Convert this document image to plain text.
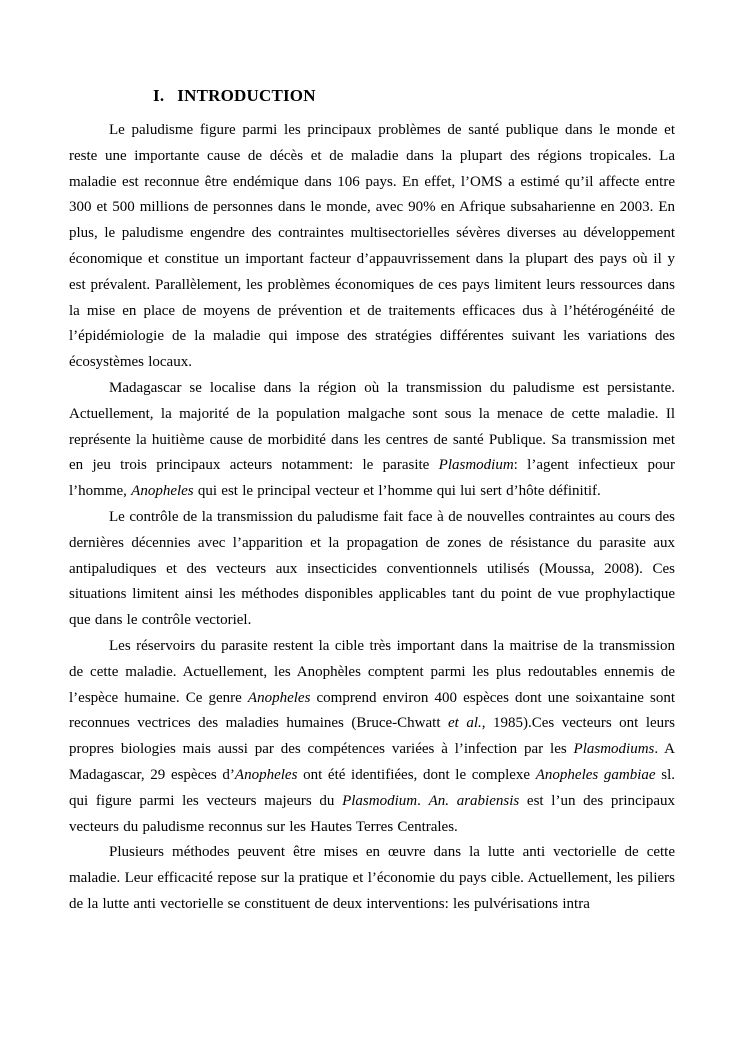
I. INTRODUCTION

Le paludisme figure parmi les principaux problèmes de santé publique dans le monde et reste une importante cause de décès et de maladie dans la plupart des régions tropicales. La maladie est reconnue être endémique dans 106 pays. En effet, l’OMS a estimé qu’il affecte entre 300 et 500 millions de personnes dans le monde, avec 90% en Afrique subsaharienne en 2003. En plus, le paludisme engendre des contraintes multisectorielles sévères diverses au développement économique et constitue un important facteur d’appauvrissement dans la plupart des pays où il y est prévalent. Parallèlement, les problèmes économiques de ces pays limitent leurs ressources dans la mise en place de moyens de prévention et de traitements efficaces dus à l’hétérogénéité de l’épidémiologie de la maladie qui impose des stratégies différentes suivant les variations des écosystèmes locaux.

Madagascar se localise dans la région où la transmission du paludisme est persistante. Actuellement, la majorité de la population malgache sont sous la menace de cette maladie. Il représente la huitième cause de morbidité dans les centres de santé Publique. Sa transmission met en jeu trois principaux acteurs notamment: le parasite Plasmodium: l’agent infectieux pour l’homme, Anopheles qui est le principal vecteur et l’homme qui lui sert d’hôte définitif.

Le contrôle de la transmission du paludisme fait face à de nouvelles contraintes au cours des dernières décennies avec l’apparition et la propagation de zones de résistance du parasite aux antipaludiques et des vecteurs aux insecticides conventionnels utilisés (Moussa, 2008). Ces situations limitent ainsi les méthodes disponibles applicables tant du point de vue prophylactique que dans le contrôle vectoriel.

Les réservoirs du parasite restent la cible très important dans la maitrise de la transmission de cette maladie. Actuellement, les Anophèles comptent parmi les plus redoutables ennemis de l’espèce humaine. Ce genre Anopheles comprend environ 400 espèces dont une soixantaine sont reconnues vectrices des maladies humaines (Bruce-Chwatt et al., 1985).Ces vecteurs ont leurs propres biologies mais aussi par des compétences variées à l’infection par les Plasmodiums. A Madagascar, 29 espèces d’Anopheles ont été identifiées, dont le complexe Anopheles gambiae sl. qui figure parmi les vecteurs majeurs du Plasmodium. An. arabiensis est l’un des principaux vecteurs du paludisme reconnus sur les Hautes Terres Centrales.

Plusieurs méthodes peuvent être mises en œuvre dans la lutte anti vectorielle de cette maladie. Leur efficacité repose sur la pratique et l’économie du pays cible. Actuellement, les piliers de la lutte anti vectorielle se constituent de deux interventions: les pulvérisations intra
